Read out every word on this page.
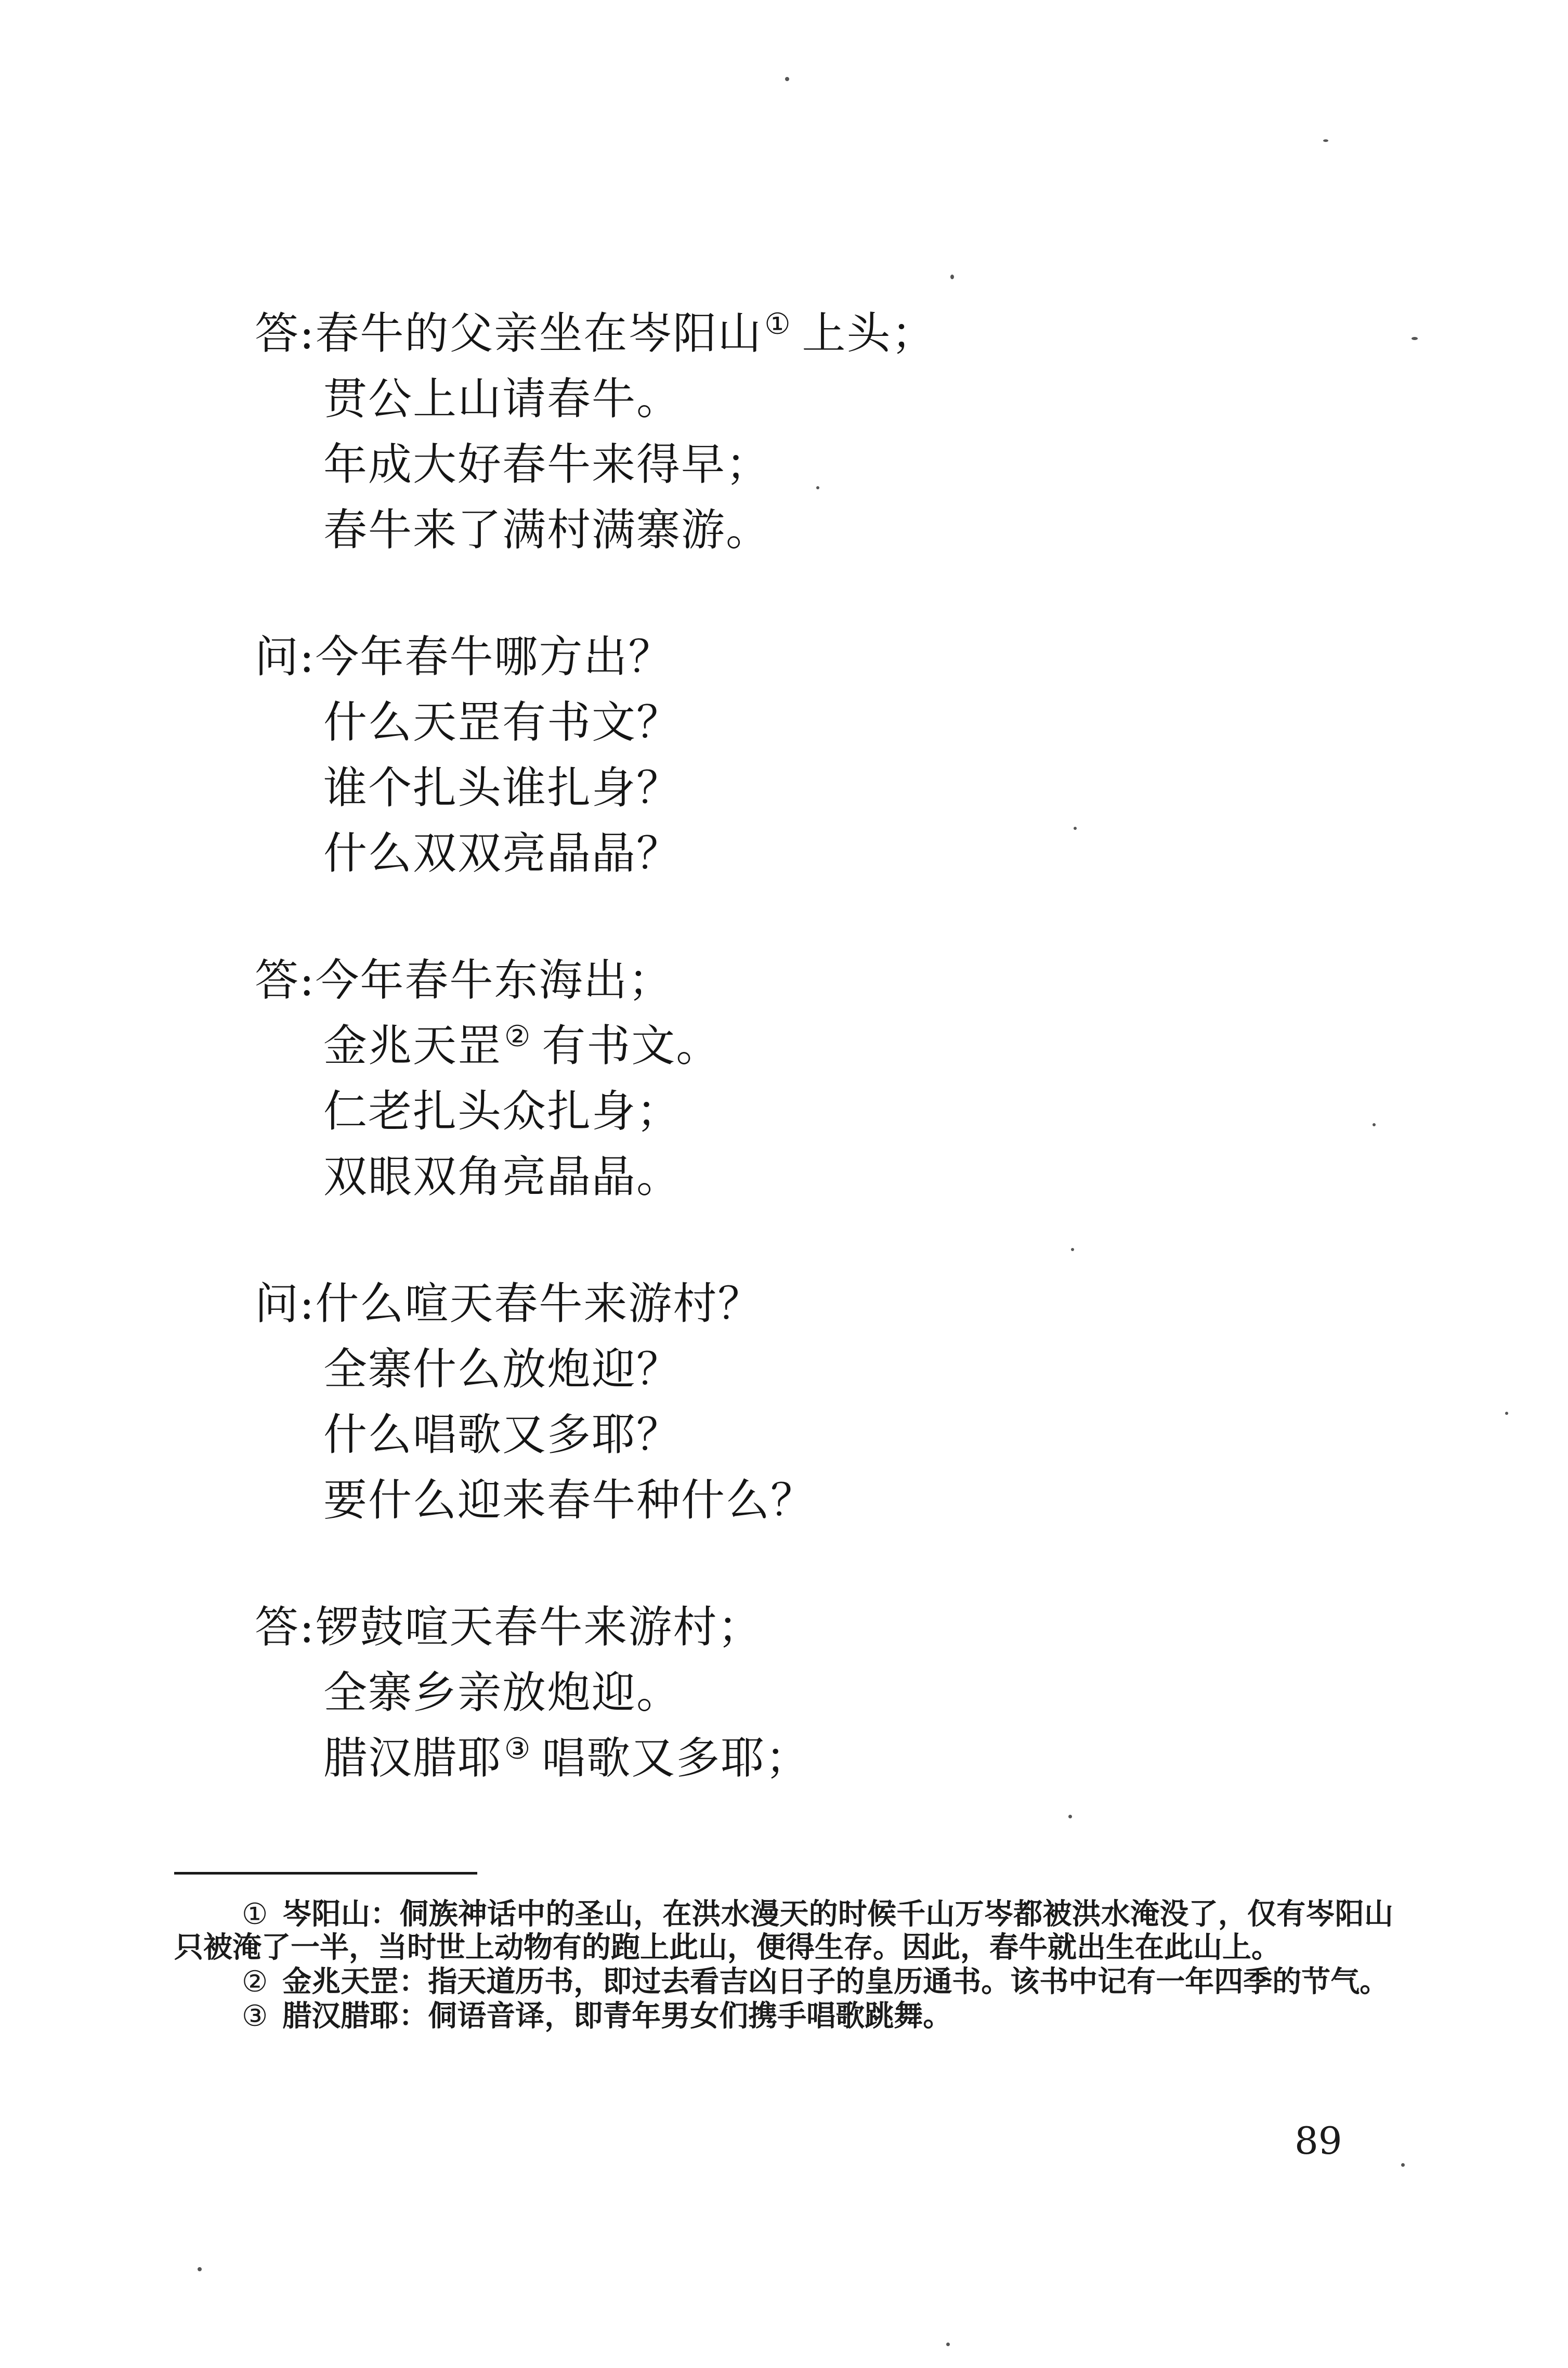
答:春牛的父亲坐在岑阳山① 上头；
贯公上山请春牛。
年成大好春牛来得早；
春牛来了满村满寨游。
问:今年春牛哪方出？
什么天罡有书文？
谁个扎头谁扎身？
什么双双亮晶晶？
答:今年春牛东海出；
金兆天罡② 有书文。
仁老扎头众扎身；
双眼双角亮晶晶。
问:什么喧天春牛来游村？
全寨什么放炮迎？
什么唱歌又多耶？
要什么迎来春牛种什么？
答:锣鼓喧天春牛来游村；
全寨乡亲放炮迎。
腊汉腊耶③ 唱歌又多耶；
① 岑阳山：侗族神话中的圣山，在洪水漫天的时候千山万岑都被洪水淹没了，仅有岑阳山只被淹了一半，当时世上动物有的跑上此山，便得生存。因此，春牛就出生在此山上。
② 金兆天罡：指天道历书，即过去看吉凶日子的皇历通书。该书中记有一年四季的节气。
③ 腊汉腊耶：侗语音译，即青年男女们携手唱歌跳舞。
89
